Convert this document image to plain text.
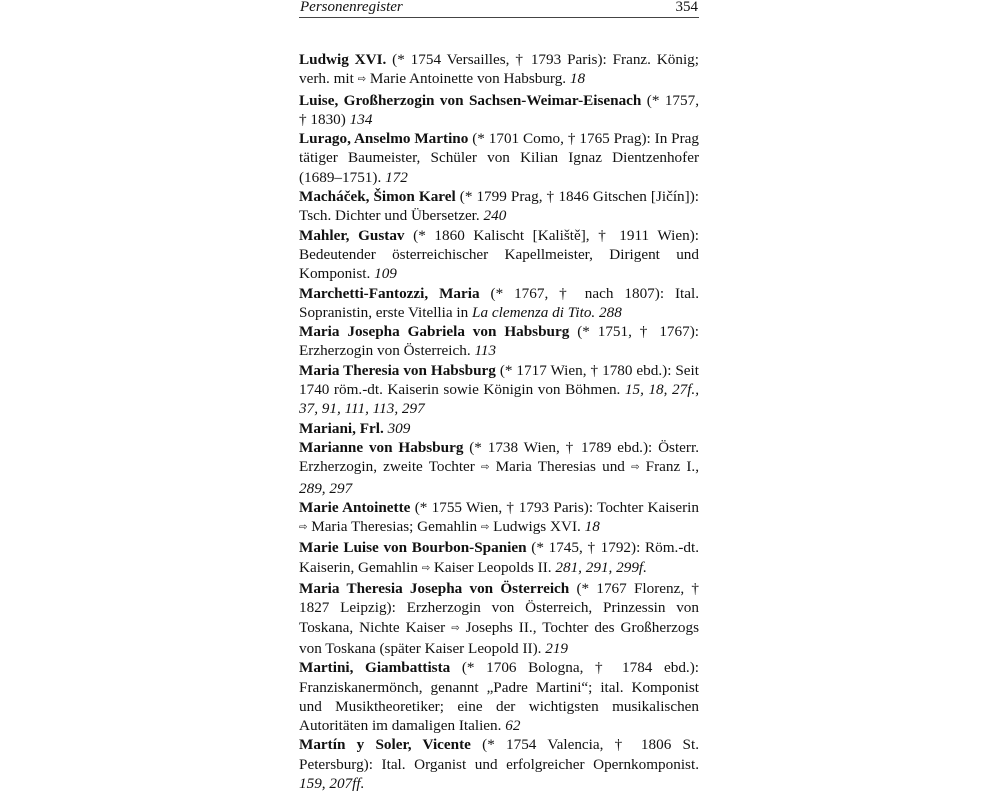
Personenregister	354
Ludwig XVI. (* 1754 Versailles, † 1793 Paris): Franz. König; verh. mit ⇨ Marie Antoinette von Habsburg. 18
Luise, Großherzogin von Sachsen-Weimar-Eisenach (* 1757, † 1830) 134
Lurago, Anselmo Martino (* 1701 Como, † 1765 Prag): In Prag tätiger Baumeister, Schüler von Kilian Ignaz Dientzenhofer (1689–1751). 172
Macháček, Šimon Karel (* 1799 Prag, † 1846 Gitschen [Jičín]): Tsch. Dichter und Übersetzer. 240
Mahler, Gustav (* 1860 Kalischt [Kaliště], † 1911 Wien): Bedeutender österreichischer Kapellmeister, Dirigent und Komponist. 109
Marchetti-Fantozzi, Maria (* 1767, † nach 1807): Ital. Sopranistin, erste Vitellia in La clemenza di Tito. 288
Maria Josepha Gabriela von Habsburg (* 1751, † 1767): Erzherzogin von Österreich. 113
Maria Theresia von Habsburg (* 1717 Wien, † 1780 ebd.): Seit 1740 röm.-dt. Kaiserin sowie Königin von Böhmen. 15, 18, 27f., 37, 91, 111, 113, 297
Mariani, Frl. 309
Marianne von Habsburg (* 1738 Wien, † 1789 ebd.): Österr. Erzherzogin, zweite Tochter ⇨ Maria Theresias und ⇨ Franz I., 289, 297
Marie Antoinette (* 1755 Wien, † 1793 Paris): Tochter Kaiserin ⇨ Maria Theresias; Gemahlin ⇨ Ludwigs XVI. 18
Marie Luise von Bourbon-Spanien (* 1745, † 1792): Röm.-dt. Kaiserin, Gemahlin ⇨ Kaiser Leopolds II. 281, 291, 299f.
Maria Theresia Josepha von Österreich (* 1767 Florenz, † 1827 Leipzig): Erzherzogin von Österreich, Prinzessin von Toskana, Nichte Kaiser ⇨ Josephs II., Tochter des Großherzogs von Toskana (später Kaiser Leopold II). 219
Martini, Giambattista (* 1706 Bologna, † 1784 ebd.): Franziskanermönch, genannt „Padre Martini“; ital. Komponist und Musiktheoretiker; eine der wichtigsten musikalischen Autoritäten im damaligen Italien. 62
Martín y Soler, Vicente (* 1754 Valencia, † 1806 St. Petersburg): Ital. Organist und erfolgreicher Opernkomponist. 159, 207ff.
